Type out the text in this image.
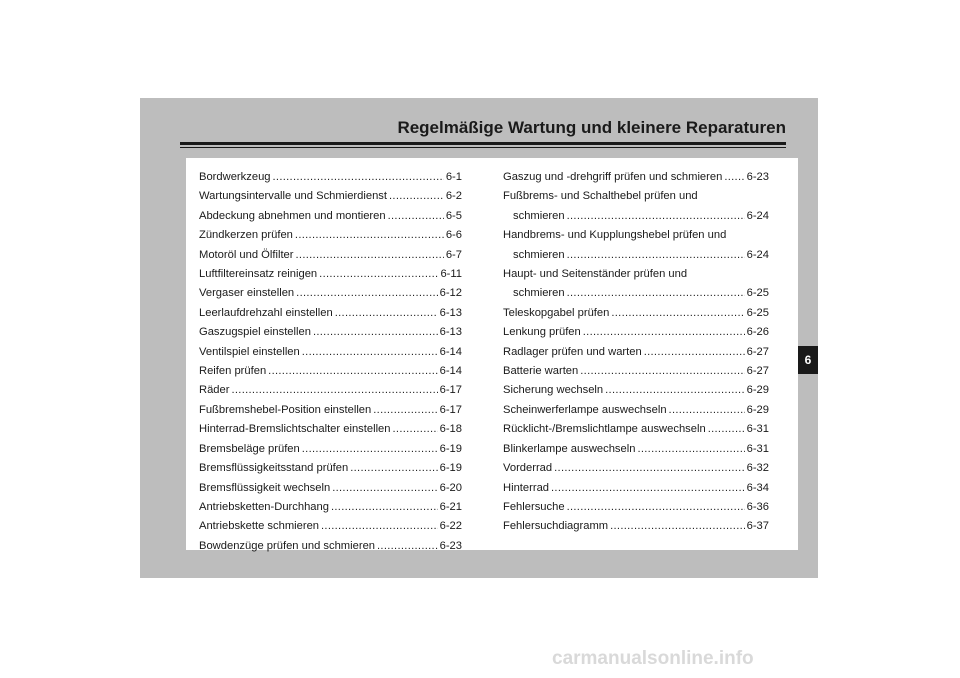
Regelmäßige Wartung und kleinere Reparaturen
Bordwerkzeug .....	6-1
Wartungsintervalle und Schmierdienst .....	6-2
Abdeckung abnehmen und montieren .....	6-5
Zündkerzen prüfen .....	6-6
Motoröl und Ölfilter .....	6-7
Luftfiltereinsatz reinigen .....	6-11
Vergaser einstellen .....	6-12
Leerlaufdrehzahl einstellen .....	6-13
Gaszugspiel einstellen .....	6-13
Ventilspiel einstellen .....	6-14
Reifen prüfen .....	6-14
Räder .....	6-17
Fußbremshebel-Position einstellen .....	6-17
Hinterrad-Bremslichtschalter einstellen .....	6-18
Bremsbeläge prüfen .....	6-19
Bremsflüssigkeitsstand prüfen .....	6-19
Bremsflüssigkeit wechseln .....	6-20
Antriebsketten-Durchhang .....	6-21
Antriebskette schmieren .....	6-22
Bowdenzüge prüfen und schmieren .....	6-23
Gaszug und -drehgriff prüfen und schmieren ..... 6-23
Fußbrems- und Schalthebel prüfen und
schmieren .....	6-24
Handbrems- und Kupplungshebel prüfen und
schmieren .....	6-24
Haupt- und Seitenständer prüfen und
schmieren .....	6-25
Teleskopgabel prüfen .....	6-25
Lenkung prüfen .....	6-26
Radlager prüfen und warten .....	6-27
Batterie warten .....	6-27
Sicherung wechseln .....	6-29
Scheinwerferlampe auswechseln .....	6-29
Rücklicht-/Bremslichtlampe auswechseln .....	6-31
Blinkerlampe auswechseln .....	6-31
Vorderrad .....	6-32
Hinterrad .....	6-34
Fehlersuche .....	6-36
Fehlersuchdiagramm .....	6-37
6
carmanualsonline.info
